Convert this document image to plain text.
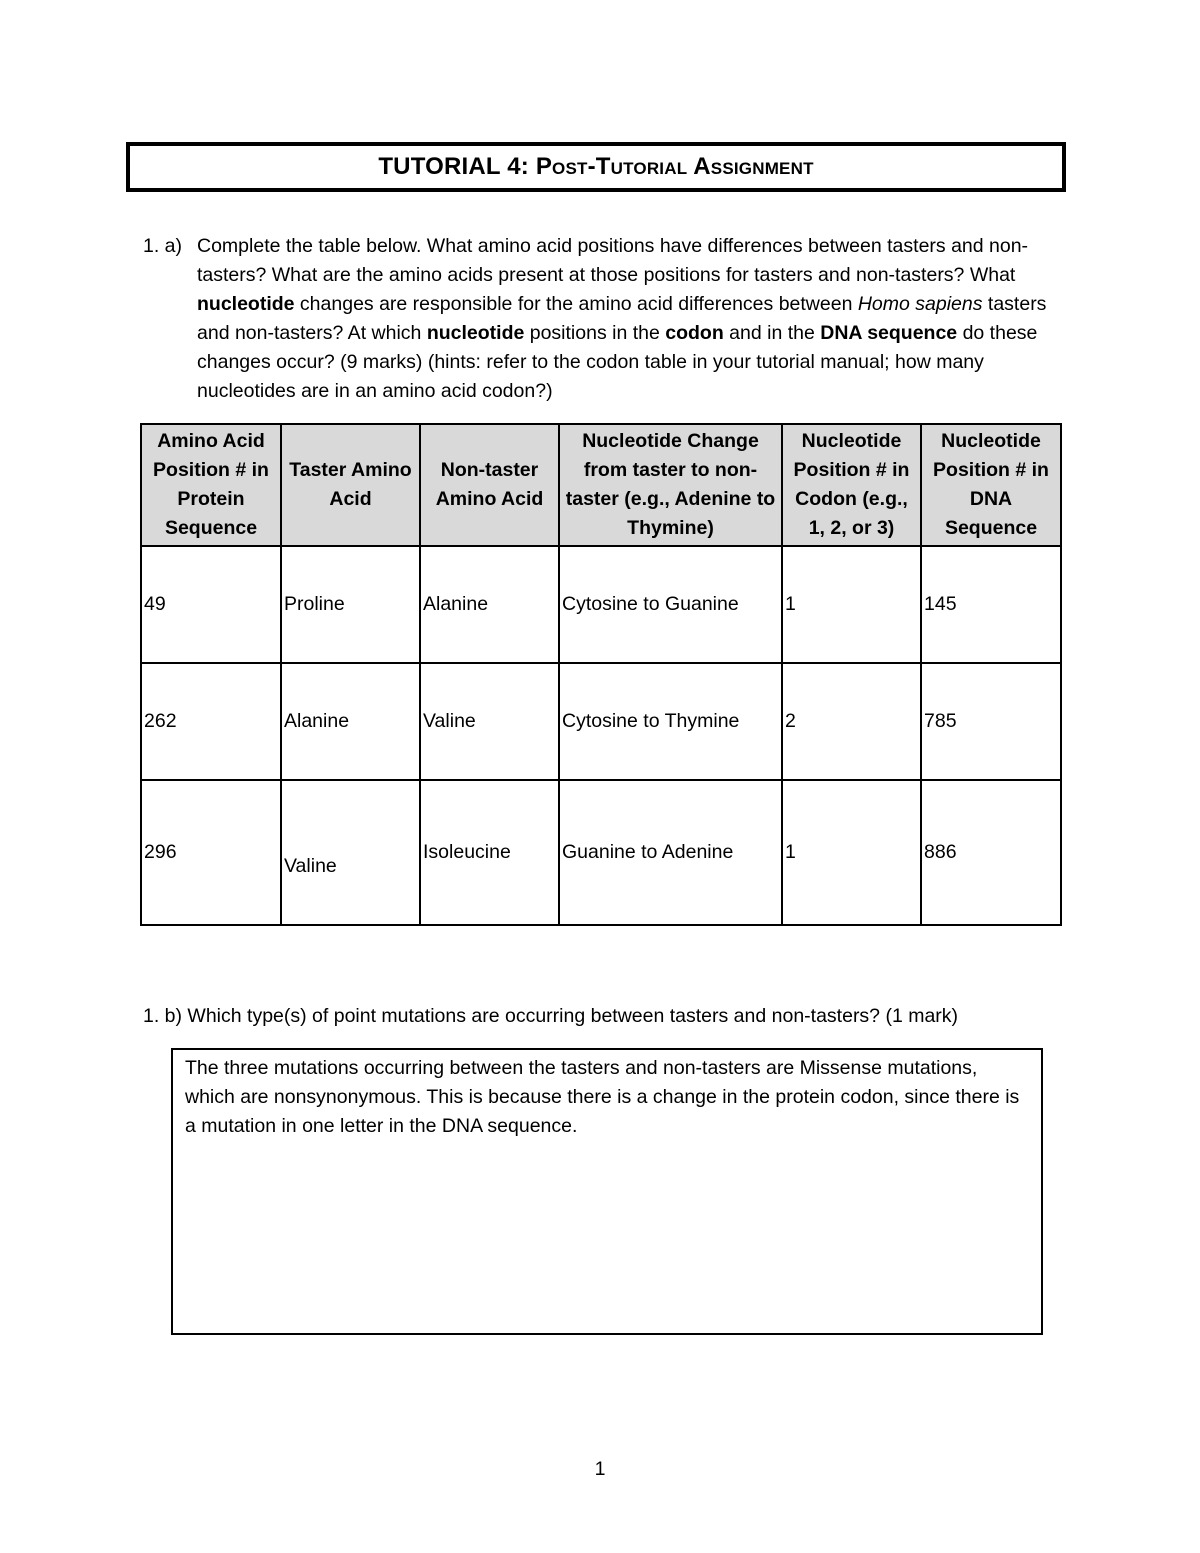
TUTORIAL 4:
Post-Tutorial Assignment
1. a) Complete the table below. What amino acid positions have differences between tasters and non-tasters? What are the amino acids present at those positions for tasters and non-tasters? What nucleotide changes are responsible for the amino acid differences between Homo sapiens tasters and non-tasters? At which nucleotide positions in the codon and in the DNA sequence do these changes occur? (9 marks) (hints: refer to the codon table in your tutorial manual; how many nucleotides are in an amino acid codon?)
Amino Acid Position # in Protein Sequence	Taster Amino Acid	Non-taster Amino Acid	Nucleotide Change from taster to non-taster (e.g., Adenine to Thymine)	Nucleotide Position # in Codon (e.g., 1, 2, or 3)	Nucleotide Position # in DNA Sequence
49	Proline	Alanine	Cytosine to Guanine	1	145
262	Alanine	Valine	Cytosine to Thymine	2	785
296	Valine	Isoleucine	Guanine to Adenine	1	886
1. b) Which type(s) of point mutations are occurring between tasters and non-tasters? (1 mark)
The three mutations occurring between the tasters and non-tasters are Missense mutations, which are nonsynonymous. This is because there is a change in the protein codon, since there is a mutation in one letter in the DNA sequence.
1
